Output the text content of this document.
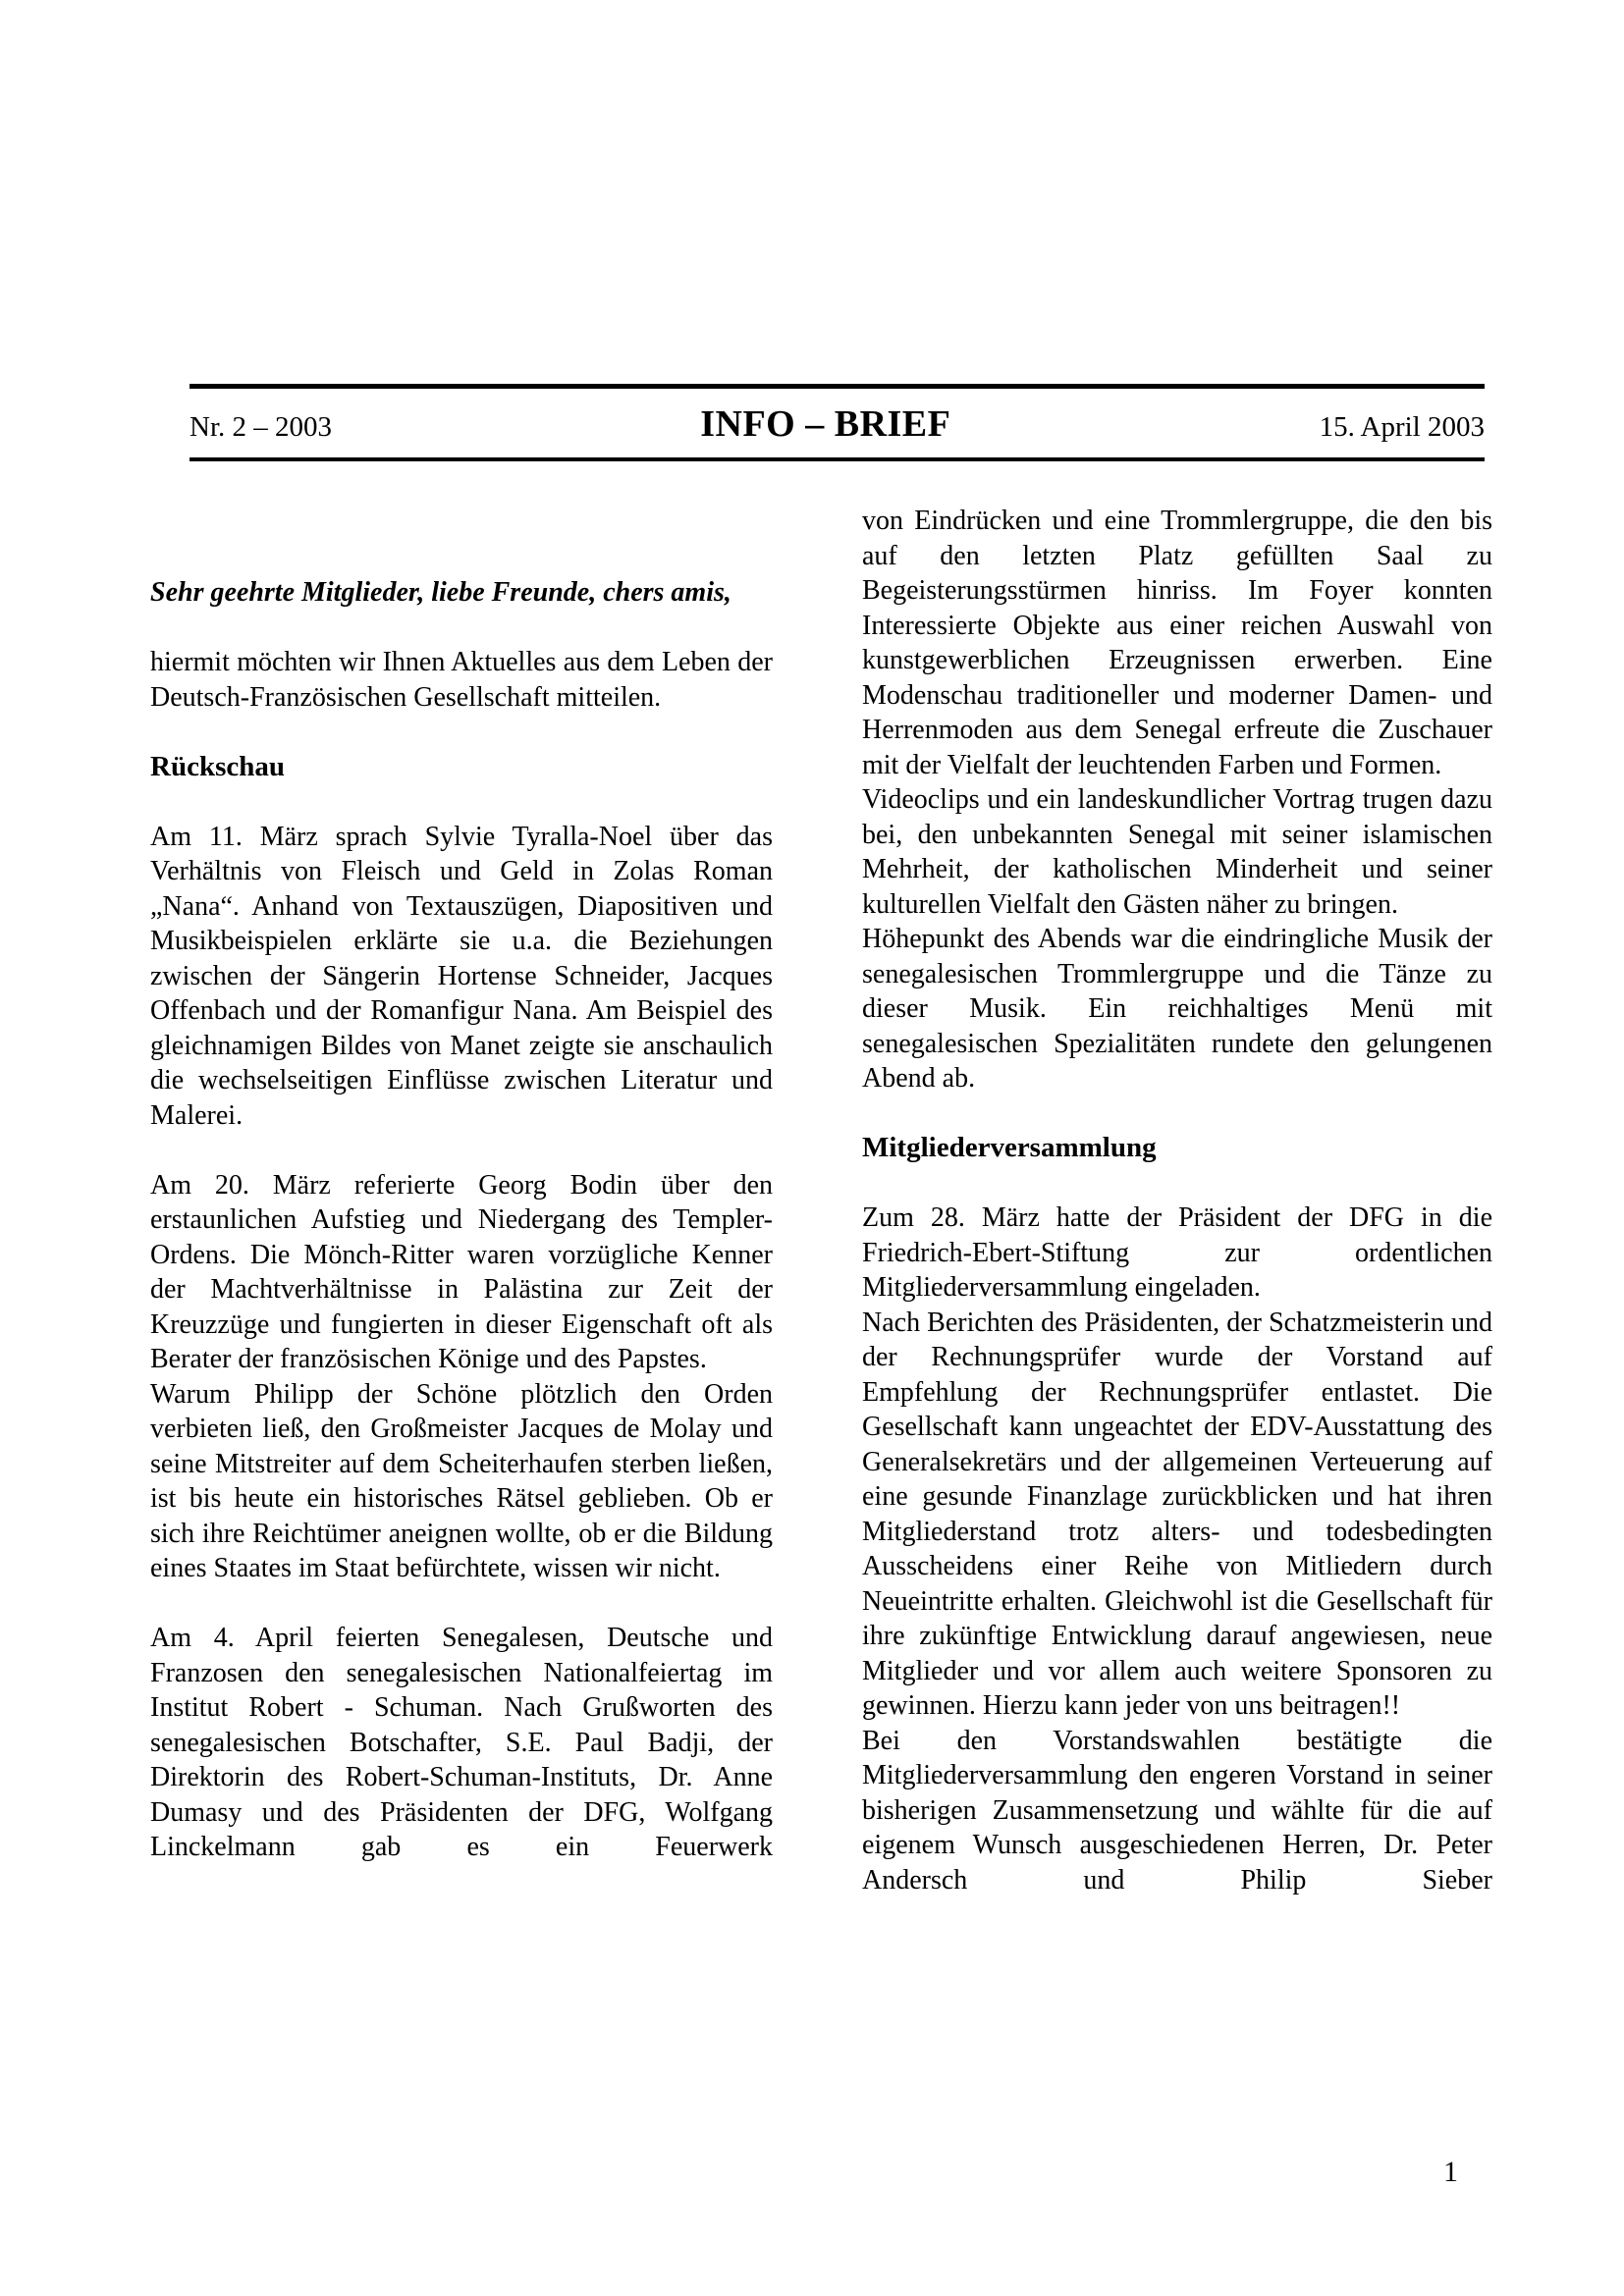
Nr. 2 – 2003	INFO – BRIEF	15. April 2003

Sehr geehrte Mitglieder, liebe Freunde, chers amis,

hiermit möchten wir Ihnen Aktuelles aus dem Leben der Deutsch-Französischen Gesellschaft mitteilen.

Rückschau

Am 11. März sprach Sylvie Tyralla-Noel über das Verhältnis von Fleisch und Geld in Zolas Roman „Nana“. Anhand von Textauszügen, Diapositiven und Musikbeispielen erklärte sie u.a. die Beziehungen zwischen der Sängerin Hortense Schneider, Jacques Offenbach und der Romanfigur Nana. Am Beispiel des gleichnamigen Bildes von Manet zeigte sie anschaulich die wechselseitigen Einflüsse zwischen Literatur und Malerei.

Am 20. März referierte Georg Bodin über den erstaunlichen Aufstieg und Niedergang des Templer-Ordens. Die Mönch-Ritter waren vorzügliche Kenner der Machtverhältnisse in Palästina zur Zeit der Kreuzzüge und fungierten in dieser Eigenschaft oft als Berater der französischen Könige und des Papstes.

Warum Philipp der Schöne plötzlich den Orden verbieten ließ, den Großmeister Jacques de Molay und seine Mitstreiter auf dem Scheiterhaufen sterben ließen, ist bis heute ein historisches Rätsel geblieben. Ob er sich ihre Reichtümer aneignen wollte, ob er die Bildung eines Staates im Staat befürchtete, wissen wir nicht.

Am 4. April feierten Senegalesen, Deutsche und Franzosen den senegalesischen Nationalfeiertag im Institut Robert - Schuman. Nach Grußworten des senegalesischen Botschafter, S.E. Paul Badji, der Direktorin des Robert-Schuman-Instituts, Dr. Anne Dumasy und des Präsidenten der DFG, Wolfgang Linckelmann gab es ein Feuerwerk

von Eindrücken und eine Trommlergruppe, die den bis auf den letzten Platz gefüllten Saal zu Begeisterungsstürmen hinriss. Im Foyer konnten Interessierte Objekte aus einer reichen Auswahl von kunstgewerblichen Erzeugnissen erwerben. Eine Modenschau traditioneller und moderner Damen- und Herrenmoden aus dem Senegal erfreute die Zuschauer mit der Vielfalt der leuchtenden Farben und Formen.

Videoclips und ein landeskundlicher Vortrag trugen dazu bei, den unbekannten Senegal mit seiner islamischen Mehrheit, der katholischen Minderheit und seiner kulturellen Vielfalt den Gästen näher zu bringen.

Höhepunkt des Abends war die eindringliche Musik der senegalesischen Trommlergruppe und die Tänze zu dieser Musik. Ein reichhaltiges Menü mit senegalesischen Spezialitäten rundete den gelungenen Abend ab.

Mitgliederversammlung

Zum 28. März hatte der Präsident der DFG in die Friedrich-Ebert-Stiftung zur ordentlichen Mitgliederversammlung eingeladen.

Nach Berichten des Präsidenten, der Schatzmeisterin und der Rechnungsprüfer wurde der Vorstand auf Empfehlung der Rechnungsprüfer entlastet. Die Gesellschaft kann ungeachtet der EDV-Ausstattung des Generalsekretärs und der allgemeinen Verteuerung auf eine gesunde Finanzlage zurückblicken und hat ihren Mitgliederstand trotz alters- und todesbedingten Ausscheidens einer Reihe von Mitliedern durch Neueintritte erhalten. Gleichwohl ist die Gesellschaft für ihre zukünftige Entwicklung darauf angewiesen, neue Mitglieder und vor allem auch weitere Sponsoren zu gewinnen. Hierzu kann jeder von uns beitragen!!

Bei den Vorstandswahlen bestätigte die Mitgliederversammlung den engeren Vorstand in seiner bisherigen Zusammensetzung und wählte für die auf eigenem Wunsch ausgeschiedenen Herren, Dr. Peter Andersch und Philip Sieber

1
